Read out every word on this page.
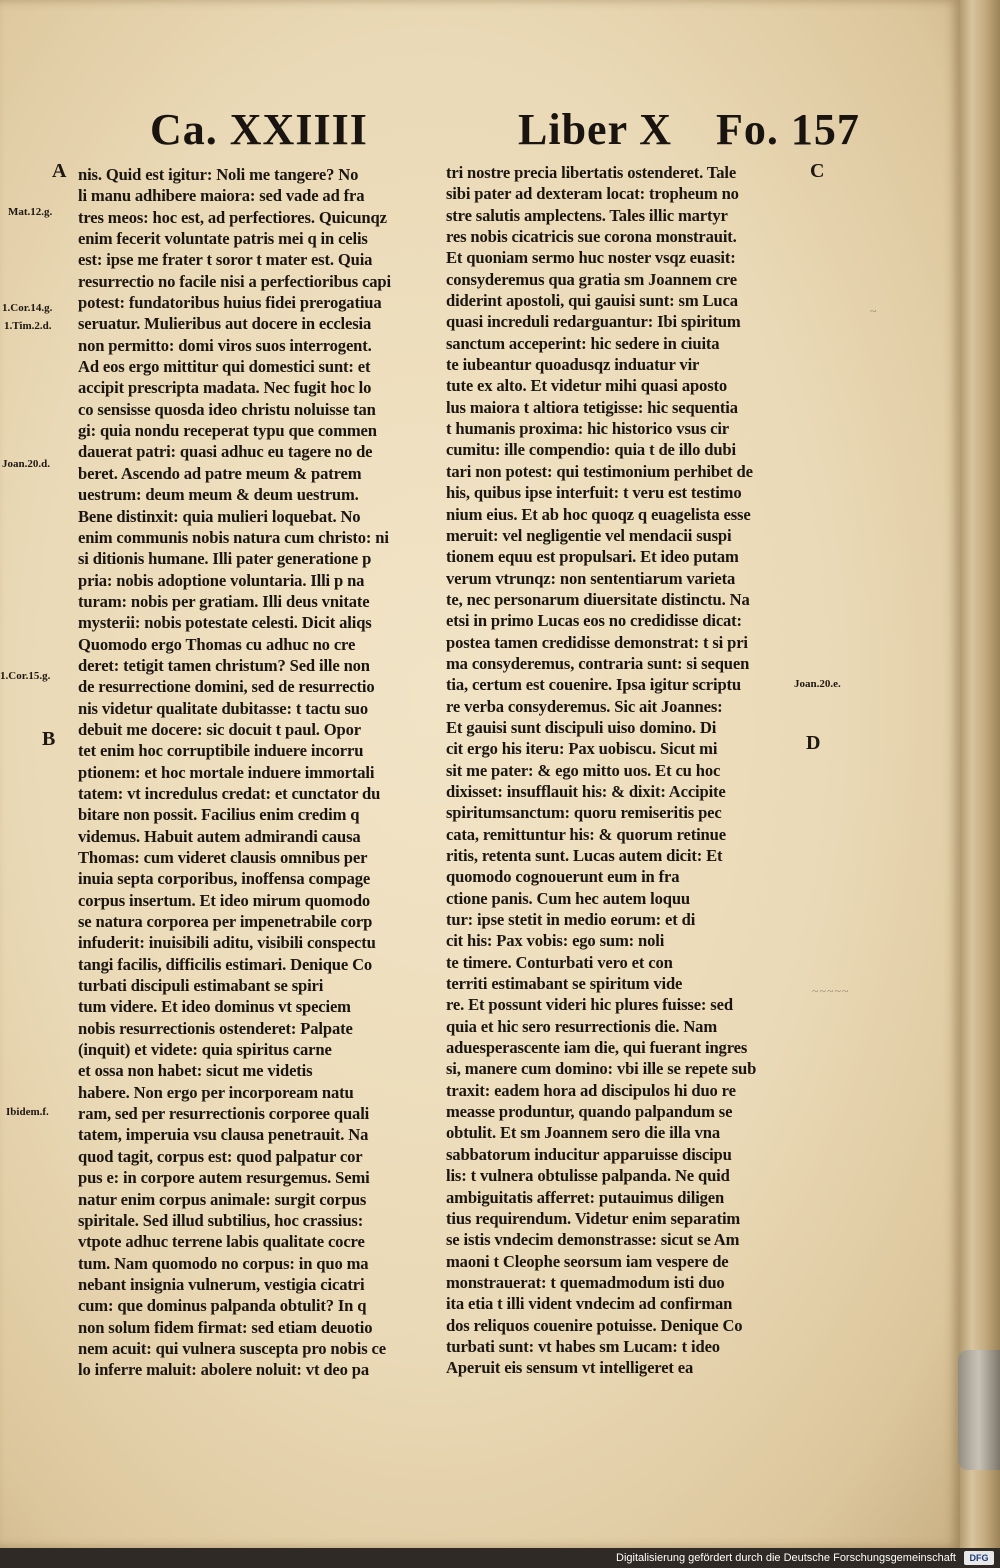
Ca. XXIIII	Liber X Fo. 157
A
B
C
D
Mat.12.g.
1.Cor.14.g.
1.Tim.2.d.
Joan.20.d.
1.Cor.15.g.
Ibidem.f.
Joan.20.e.
~
~~~~~
nis. Quid est igitur: Noli me tangere? No
li manu adhibere maiora: sed vade ad fra
tres meos: hoc est, ad perfectiores. Quicunqz
enim fecerit voluntate patris mei q in celis
est: ipse me frater t soror t mater est. Quia
resurrectio no facile nisi a perfectioribus capi
potest: fundatoribus huius fidei prerogatiua
seruatur. Mulieribus aut docere in ecclesia
non permitto: domi viros suos interrogent.
Ad eos ergo mittitur qui domestici sunt: et
accipit prescripta madata. Nec fugit hoc lo
co sensisse quosda ideo christu noluisse tan
gi: quia nondu receperat typu que commen
dauerat patri: quasi adhuc eu tagere no de
beret. Ascendo ad patre meum & patrem
uestrum: deum meum & deum uestrum.
Bene distinxit: quia mulieri loquebat. No
enim communis nobis natura cum christo: ni
si ditionis humane. Illi pater generatione p
pria: nobis adoptione voluntaria. Illi p na
turam: nobis per gratiam. Illi deus vnitate
mysterii: nobis potestate celesti. Dicit aliqs
Quomodo ergo Thomas cu adhuc no cre
deret: tetigit tamen christum? Sed ille non
de resurrectione domini, sed de resurrectio
nis videtur qualitate dubitasse: t tactu suo
debuit me docere: sic docuit t paul. Opor
tet enim hoc corruptibile induere incorru
ptionem: et hoc mortale induere immortali
tatem: vt incredulus credat: et cunctator du
bitare non possit. Facilius enim credim q
videmus. Habuit autem admirandi causa
Thomas: cum videret clausis omnibus per
inuia septa corporibus, inoffensa compage
corpus insertum. Et ideo mirum quomodo
se natura corporea per impenetrabile corp
infuderit: inuisibili aditu, visibili conspectu
tangi facilis, difficilis estimari. Denique Co
turbati discipuli estimabant se spiri
tum videre. Et ideo dominus vt speciem
nobis resurrectionis ostenderet: Palpate
(inquit) et videte: quia spiritus carne
et ossa non habet: sicut me videtis
habere. Non ergo per incorpoream natu
ram, sed per resurrectionis corporee quali
tatem, imperuia vsu clausa penetrauit. Na
quod tagit, corpus est: quod palpatur cor
pus e: in corpore autem resurgemus. Semi
natur enim corpus animale: surgit corpus
spiritale. Sed illud subtilius, hoc crassius:
vtpote adhuc terrene labis qualitate cocre
tum. Nam quomodo no corpus: in quo ma
nebant insignia vulnerum, vestigia cicatri
cum: que dominus palpanda obtulit? In q
non solum fidem firmat: sed etiam deuotio
nem acuit: qui vulnera suscepta pro nobis ce
lo inferre maluit: abolere noluit: vt deo pa
tri nostre precia libertatis ostenderet. Tale
sibi pater ad dexteram locat: tropheum no
stre salutis amplectens. Tales illic martyr
res nobis cicatricis sue corona monstrauit.
Et quoniam sermo huc noster vsqz euasit:
consyderemus qua gratia sm Joannem cre
diderint apostoli, qui gauisi sunt: sm Luca
quasi increduli redarguantur: Ibi spiritum
sanctum acceperint: hic sedere in ciuita
te iubeantur quoadusqz induatur vir
tute ex alto. Et videtur mihi quasi aposto
lus maiora t altiora tetigisse: hic sequentia
t humanis proxima: hic historico vsus cir
cumitu: ille compendio: quia t de illo dubi
tari non potest: qui testimonium perhibet de
his, quibus ipse interfuit: t veru est testimo
nium eius. Et ab hoc quoqz q euagelista esse
meruit: vel negligentie vel mendacii suspi
tionem equu est propulsari. Et ideo putam
verum vtrunqz: non sententiarum varieta
te, nec personarum diuersitate distinctu. Na
etsi in primo Lucas eos no credidisse dicat:
postea tamen credidisse demonstrat: t si pri
ma consyderemus, contraria sunt: si sequen
tia, certum est couenire. Ipsa igitur scriptu
re verba consyderemus. Sic ait Joannes:
Et gauisi sunt discipuli uiso domino. Di
cit ergo his iteru: Pax uobiscu. Sicut mi
sit me pater: & ego mitto uos. Et cu hoc
dixisset: insufflauit his: & dixit: Accipite
spiritumsanctum: quoru remiseritis pec
cata, remittuntur his: & quorum retinue
ritis, retenta sunt. Lucas autem dicit: Et
quomodo cognouerunt eum in fra
ctione panis. Cum hec autem loquu
tur: ipse stetit in medio eorum: et di
cit his: Pax vobis: ego sum: noli
te timere. Conturbati vero et con
territi estimabant se spiritum vide
re. Et possunt videri hic plures fuisse: sed
quia et hic sero resurrectionis die. Nam
aduesperascente iam die, qui fuerant ingres
si, manere cum domino: vbi ille se repete sub
traxit: eadem hora ad discipulos hi duo re
measse produntur, quando palpandum se
obtulit. Et sm Joannem sero die illa vna
sabbatorum inducitur apparuisse discipu
lis: t vulnera obtulisse palpanda. Ne quid
ambiguitatis afferret: putauimus diligen
tius requirendum. Videtur enim separatim
se istis vndecim demonstrasse: sicut se Am
maoni t Cleophe seorsum iam vespere de
monstrauerat: t quemadmodum isti duo
ita etia t illi vident vndecim ad confirman
dos reliquos couenire potuisse. Denique Co
turbati sunt: vt habes sm Lucam: t ideo
Aperuit eis sensum vt intelligeret ea
Digitalisierung gefördert durch die Deutsche Forschungsgemeinschaft	DFG
